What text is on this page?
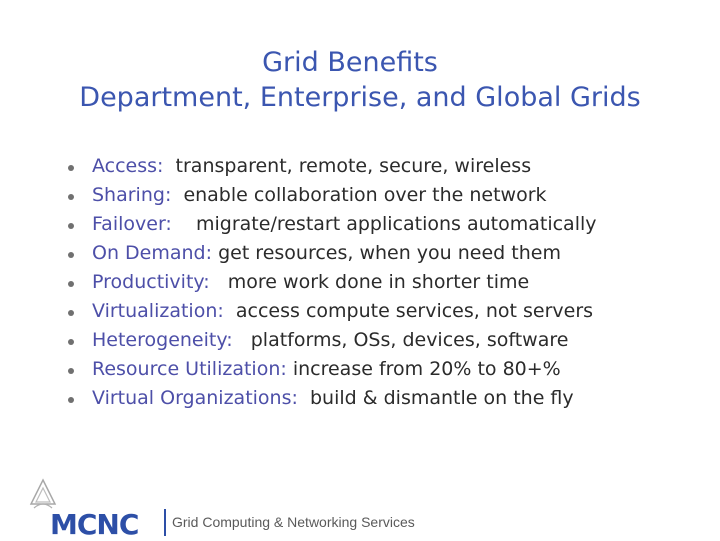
Grid Benefits
Department, Enterprise, and Global Grids
Access: transparent, remote, secure, wireless
Sharing: enable collaboration over the network
Failover: migrate/restart applications automatically
On Demand: get resources, when you need them
Productivity: more work done in shorter time
Virtualization: access compute services, not servers
Heterogeneity: platforms, OSs, devices, software
Resource Utilization: increase from 20% to 80+%
Virtual Organizations: build & dismantle on the fly
MCNC Grid Computing & Networking Services
